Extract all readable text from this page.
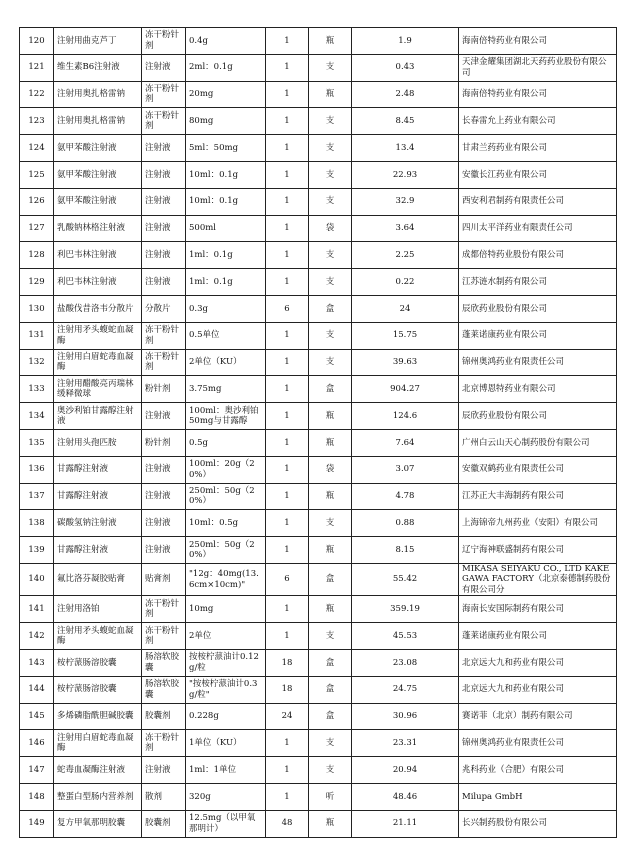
120	注射用曲克芦丁	冻干粉针剂	0.4g	1	瓶	1.9	海南倍特药业有限公司
121	维生素B6注射液	注射液	2ml：0.1g	1	支	0.43	天津金耀集团湖北天药药业股份有限公司
122	注射用奥扎格雷钠	冻干粉针剂	20mg	1	瓶	2.48	海南倍特药业有限公司
123	注射用奥扎格雷钠	冻干粉针剂	80mg	1	支	8.45	长春雷允上药业有限公司
124	氨甲苯酸注射液	注射液	5ml：50mg	1	支	13.4	甘肃兰药药业有限公司
125	氨甲苯酸注射液	注射液	10ml：0.1g	1	支	22.93	安徽长江药业有限公司
126	氨甲苯酸注射液	注射液	10ml：0.1g	1	支	32.9	西安利君制药有限责任公司
127	乳酸钠林格注射液	注射液	500ml	1	袋	3.64	四川太平洋药业有限责任公司
128	利巴韦林注射液	注射液	1ml：0.1g	1	支	2.25	成都倍特药业股份有限公司
129	利巴韦林注射液	注射液	1ml：0.1g	1	支	0.22	江苏涟水制药有限公司
130	盐酸伐昔洛韦分散片	分散片	0.3g	6	盒	24	辰欣药业股份有限公司
131	注射用矛头蝮蛇血凝酶	冻干粉针剂	0.5单位	1	支	15.75	蓬莱诺康药业有限公司
132	注射用白眉蛇毒血凝酶	冻干粉针剂	2单位（KU）	1	支	39.63	锦州奥鸿药业有限责任公司
133	注射用醋酸亮丙瑞林缓释微球	粉针剂	3.75mg	1	盒	904.27	北京博恩特药业有限公司
134	奥沙利铂甘露醇注射液	注射液	100ml：奥沙利铂50mg与甘露醇	1	瓶	124.6	辰欣药业股份有限公司
135	注射用头孢匹胺	粉针剂	0.5g	1	瓶	7.64	广州白云山天心制药股份有限公司
136	甘露醇注射液	注射液	100ml：20g（20%）	1	袋	3.07	安徽双鹤药业有限责任公司
137	甘露醇注射液	注射液	250ml：50g（20%）	1	瓶	4.78	江苏正大丰海制药有限公司
138	碳酸氢钠注射液	注射液	10ml：0.5g	1	支	0.88	上海锦帝九州药业（安阳）有限公司
139	甘露醇注射液	注射液	250ml：50g（20%）	1	瓶	8.15	辽宁海神联盛制药有限公司
140	氟比洛芬凝胶贴膏	贴膏剂	"12g：40mg(13.6cm×10cm)"	6	盒	55.42	MIKASA SEIYAKU CO., LTD KAKEGAWA FACTORY（北京泰德制药股份有限公司分
141	注射用洛铂	冻干粉针剂	10mg	1	瓶	359.19	海南长安国际制药有限公司
142	注射用矛头蝮蛇血凝酶	冻干粉针剂	2单位	1	支	45.53	蓬莱诺康药业有限公司
143	桉柠蒎肠溶胶囊	肠溶软胶囊	按桉柠蒎油计0.12g/粒	18	盒	23.08	北京远大九和药业有限公司
144	桉柠蒎肠溶胶囊	肠溶软胶囊	"按桉柠蒎油计0.3g/粒"	18	盒	24.75	北京远大九和药业有限公司
145	多烯磷脂酰胆碱胶囊	胶囊剂	0.228g	24	盒	30.96	赛诺菲（北京）制药有限公司
146	注射用白眉蛇毒血凝酶	冻干粉针剂	1单位（KU）	1	支	23.31	锦州奥鸿药业有限责任公司
147	蛇毒血凝酶注射液	注射液	1ml：1单位	1	支	20.94	兆科药业（合肥）有限公司
148	整蛋白型肠内营养剂	散剂	320g	1	听	48.46	Milupa GmbH
149	复方甲氧那明胶囊	胶囊剂	12.5mg（以甲氧那明计）	48	瓶	21.11	长兴制药股份有限公司
